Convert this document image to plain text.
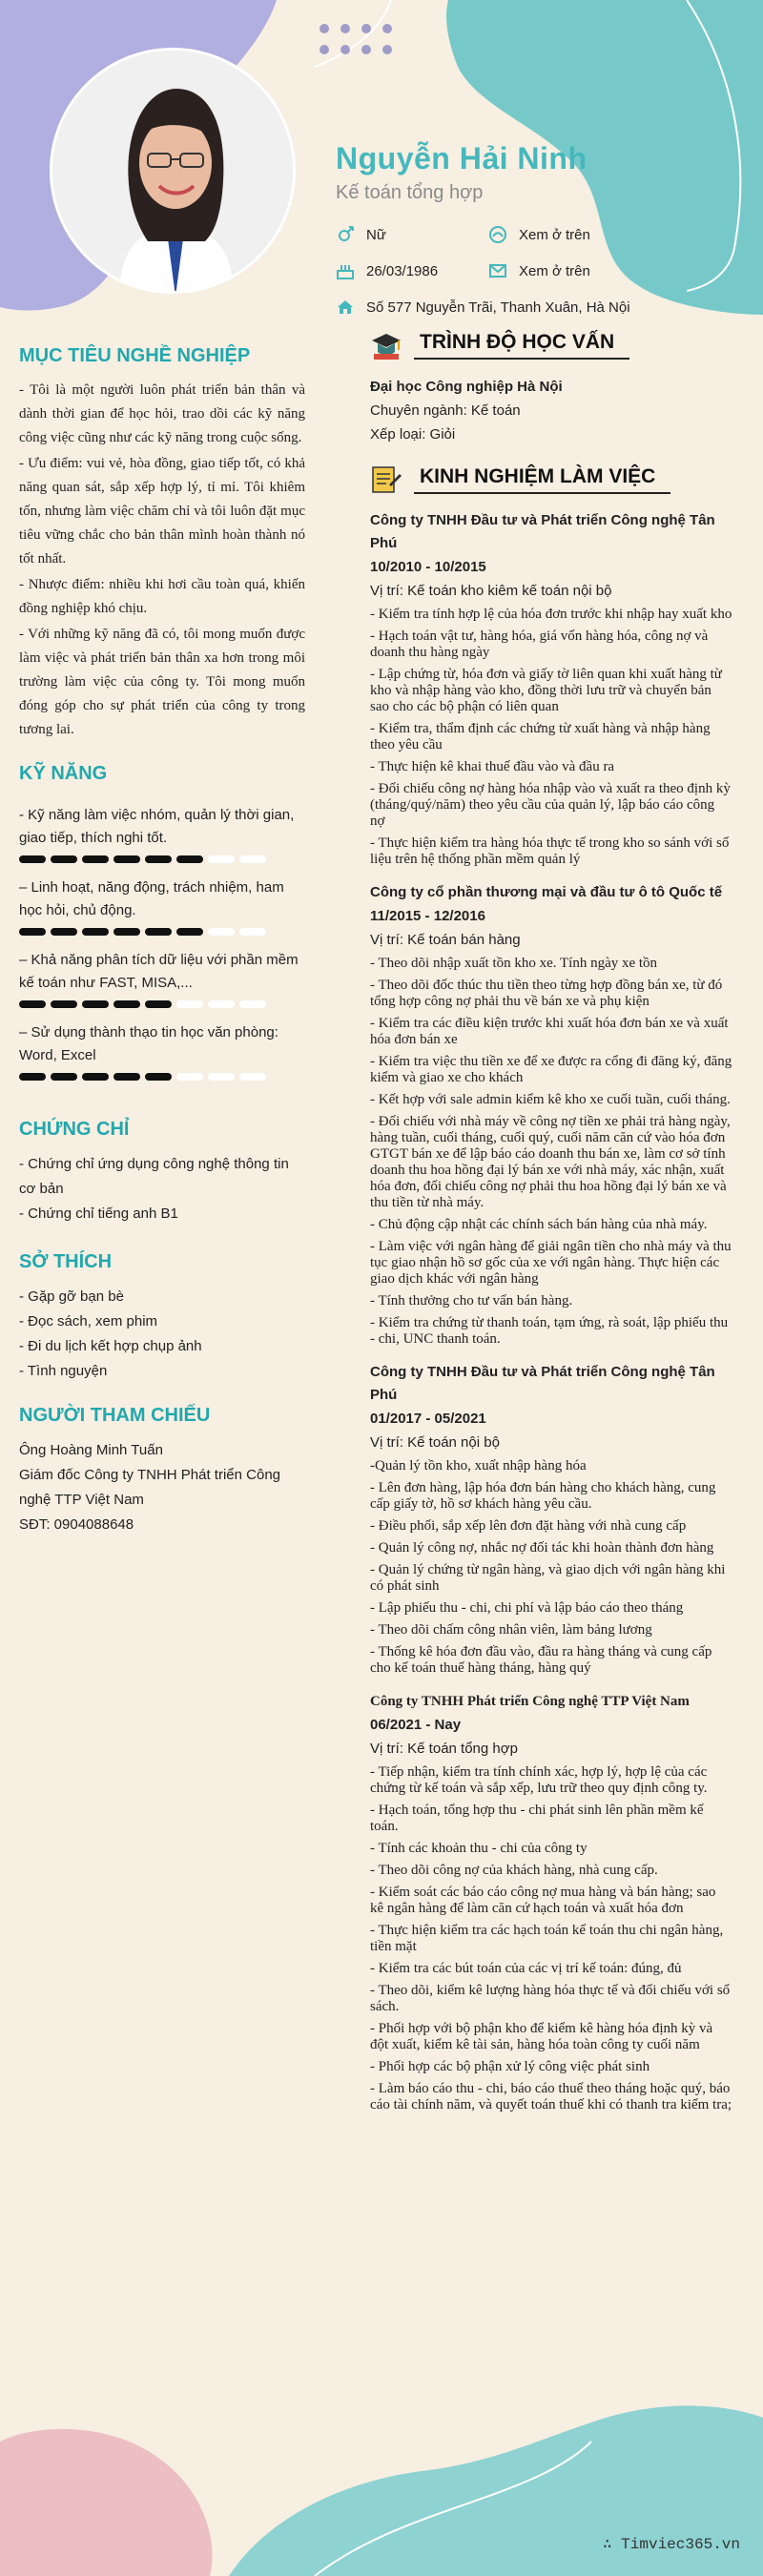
Nguyễn Hải Ninh
Kế toán tổng hợp
Nữ	Xem ở trên
26/03/1986	Xem ở trên
Số 577 Nguyễn Trãi, Thanh Xuân, Hà Nội
MỤC TIÊU NGHỀ NGHIỆP

- Tôi là một người luôn phát triển bản thân và dành thời gian để học hỏi, trao dồi các kỹ năng công việc cũng như các kỹ năng trong cuộc sống.

- Ưu điểm: vui vẻ, hòa đồng, giao tiếp tốt, có khả năng quan sát, sắp xếp hợp lý, tỉ mỉ. Tôi khiêm tốn, nhưng làm việc chăm chỉ và tôi luôn đặt mục tiêu vững chắc cho bản thân mình hoàn thành nó tốt nhất.

- Nhược điểm: nhiều khi hơi cầu toàn quá, khiến đồng nghiệp khó chịu.

- Với những kỹ năng đã có, tôi mong muốn được làm việc và phát triển bản thân xa hơn trong môi trường làm việc của công ty. Tôi mong muốn đóng góp cho sự phát triển của công ty trong tương lai.

KỸ NĂNG
- Kỹ năng làm việc nhóm, quản lý thời gian, giao tiếp, thích nghi tốt.
– Linh hoạt, năng động, trách nhiệm, ham học hỏi, chủ động.
– Khả năng phân tích dữ liệu với phần mềm kế toán như FAST, MISA,...
– Sử dụng thành thạo tin học văn phòng: Word, Excel
CHỨNG CHỈ
- Chứng chỉ ứng dụng công nghệ thông tin cơ bản
- Chứng chỉ tiếng anh B1
SỞ THÍCH
- Gặp gỡ bạn bè
- Đọc sách, xem phim
- Đi du lịch kết hợp chụp ảnh
- Tình nguyện
NGƯỜI THAM CHIẾU
Ông Hoàng Minh Tuấn
Giám đốc Công ty TNHH Phát triển Công nghệ TTP Việt Nam
SĐT: 0904088648
TRÌNH ĐỘ HỌC VẤN
Đại học Công nghiệp Hà Nội
Chuyên ngành: Kế toán
Xếp loại: Giỏi
KINH NGHIỆM LÀM VIỆC
Công ty TNHH Đầu tư và Phát triển Công nghệ Tân Phú
10/2010 - 10/2015
Vị trí: Kế toán kho kiêm kế toán nội bộ
- Kiểm tra tính hợp lệ của hóa đơn trước khi nhập hay xuất kho
- Hạch toán vật tư, hàng hóa, giá vốn hàng hóa, công nợ và doanh thu hàng ngày
- Lập chứng từ, hóa đơn và giấy tờ liên quan khi xuất hàng từ kho và nhập hàng vào kho, đồng thời lưu trữ và chuyển bản sao cho các bộ phận có liên quan
- Kiểm tra, thẩm định các chứng từ xuất hàng và nhập hàng theo yêu cầu
- Thực hiện kê khai thuế đầu vào và đầu ra
- Đối chiếu công nợ hàng hóa nhập vào và xuất ra theo định kỳ (tháng/quý/năm) theo yêu cầu của quản lý, lập báo cáo công nợ
- Thực hiện kiểm tra hàng hóa thực tế trong kho so sánh với số liệu trên hệ thống phần mềm quản lý
Công ty cổ phần thương mại và đầu tư ô tô Quốc tế
11/2015 - 12/2016
Vị trí: Kế toán bán hàng
- Theo dõi nhập xuất tồn kho xe. Tính ngày xe tồn
- Theo dõi đốc thúc thu tiền theo từng hợp đồng bán xe, từ đó tổng hợp công nợ phải thu về bán xe và phụ kiện
- Kiểm tra các điều kiện trước khi xuất hóa đơn bán xe và xuất hóa đơn bán xe
- Kiểm tra việc thu tiền xe để xe được ra cổng đi đăng ký, đăng kiểm và giao xe cho khách
- Kết hợp với sale admin kiểm kê kho xe cuối tuần, cuối tháng.
- Đối chiếu với nhà máy về công nợ tiền xe phải trả hàng ngày, hàng tuần, cuối tháng, cuối quý, cuối năm căn cứ vào hóa đơn GTGT bán xe để lập báo cáo doanh thu bán xe, làm cơ sở tính doanh thu hoa hồng đại lý bán xe với nhà máy, xác nhận, xuất hóa đơn, đối chiếu công nợ phải thu hoa hồng đại lý bán xe và thu tiền từ nhà máy.
- Chủ động cập nhật các chính sách bán hàng của nhà máy.
- Làm việc với ngân hàng để giải ngân tiền cho nhà máy và thu tục giao nhận hồ sơ gốc của xe với ngân hàng. Thực hiện các giao dịch khác với ngân hàng
- Tính thưởng cho tư vấn bán hàng.
- Kiểm tra chứng từ thanh toán, tạm ứng, rà soát, lập phiếu thu - chi, UNC thanh toán.
Công ty TNHH Đầu tư và Phát triển Công nghệ Tân Phú
01/2017 - 05/2021
Vị trí: Kế toán nội bộ
-Quản lý tồn kho, xuất nhập hàng hóa
- Lên đơn hàng, lập hóa đơn bán hàng cho khách hàng, cung cấp giấy tờ, hồ sơ khách hàng yêu cầu.
- Điều phối, sắp xếp lên đơn đặt hàng với nhà cung cấp
- Quản lý công nợ, nhắc nợ đối tác khi hoàn thành đơn hàng
- Quản lý chứng từ ngân hàng, và giao dịch với ngân hàng khi có phát sinh
- Lập phiếu thu - chi, chi phí và lập báo cáo theo tháng
- Theo dõi chấm công nhân viên, làm bảng lương
- Thống kê hóa đơn đầu vào, đầu ra hàng tháng và cung cấp cho kế toán thuế hàng tháng, hàng quý
Công ty TNHH Phát triển Công nghệ TTP Việt Nam
06/2021 - Nay
Vị trí: Kế toán tổng hợp
- Tiếp nhận, kiểm tra tính chính xác, hợp lý, hợp lệ của các chứng từ kế toán và sắp xếp, lưu trữ theo quy định công ty.
- Hạch toán, tổng hợp thu - chi phát sinh lên phần mềm kế toán.
- Tính các khoản thu - chi của công ty
- Theo dõi công nợ của khách hàng, nhà cung cấp.
- Kiểm soát các báo cáo công nợ mua hàng và bán hàng; sao kê ngân hàng để làm căn cứ hạch toán và xuất hóa đơn
- Thực hiện kiểm tra các hạch toán kế toán thu chi ngân hàng, tiền mặt
- Kiểm tra các bút toán của các vị trí kế toán: đúng, đủ
- Theo dõi, kiểm kê lượng hàng hóa thực tế và đối chiếu với sổ sách.
- Phối hợp với bộ phận kho để kiểm kê hàng hóa định kỳ và đột xuất, kiểm kê tài sản, hàng hóa toàn công ty cuối năm
- Phối hợp các bộ phận xử lý công việc phát sinh
- Làm báo cáo thu - chi, báo cáo thuế theo tháng hoặc quý, báo cáo tài chính năm, và quyết toán thuế khi có thanh tra kiểm tra;
∴ Timviec365.vn
